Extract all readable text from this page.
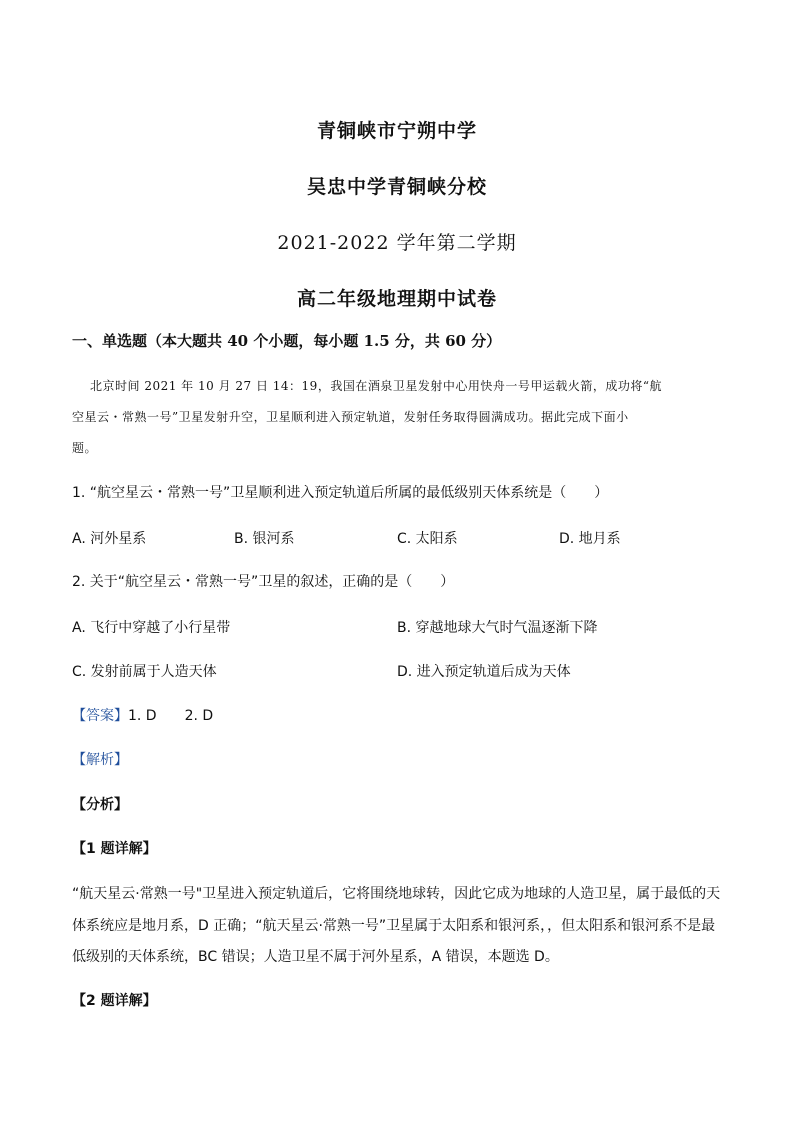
青铜峡市宁朔中学
吴忠中学青铜峡分校
2021-2022 学年第二学期
高二年级地理期中试卷
一、单选题（本大题共 40 个小题，每小题 1.5 分，共 60 分）
北京时间 2021 年 10 月 27 日 14：19，我国在酒泉卫星发射中心用快舟一号甲运载火箭，成功将“航
空星云・常熟一号”卫星发射升空，卫星顺利进入预定轨道，发射任务取得圆满成功。据此完成下面小
题。
1. “航空星云・常熟一号”卫星顺利进入预定轨道后所属的最低级别天体系统是（　　）
A. 河外星系	B. 银河系	C. 太阳系	D. 地月系
2. 关于“航空星云・常熟一号”卫星的叙述，正确的是（　　）
A. 飞行中穿越了小行星带	B. 穿越地球大气时气温逐渐下降
C. 发射前属于人造天体	D. 进入预定轨道后成为天体
【答案】1. D　　2. D
【解析】
【分析】
【1 题详解】
“航天星云·常熟一号"卫星进入预定轨道后，它将围绕地球转，因此它成为地球的人造卫星，属于最低的天
体系统应是地月系，D 正确；“航天星云·常熟一号”卫星属于太阳系和银河系，，但太阳系和银河系不是最
低级别的天体系统，BC 错误；人造卫星不属于河外星系，A 错误，本题选 D。
【2 题详解】
